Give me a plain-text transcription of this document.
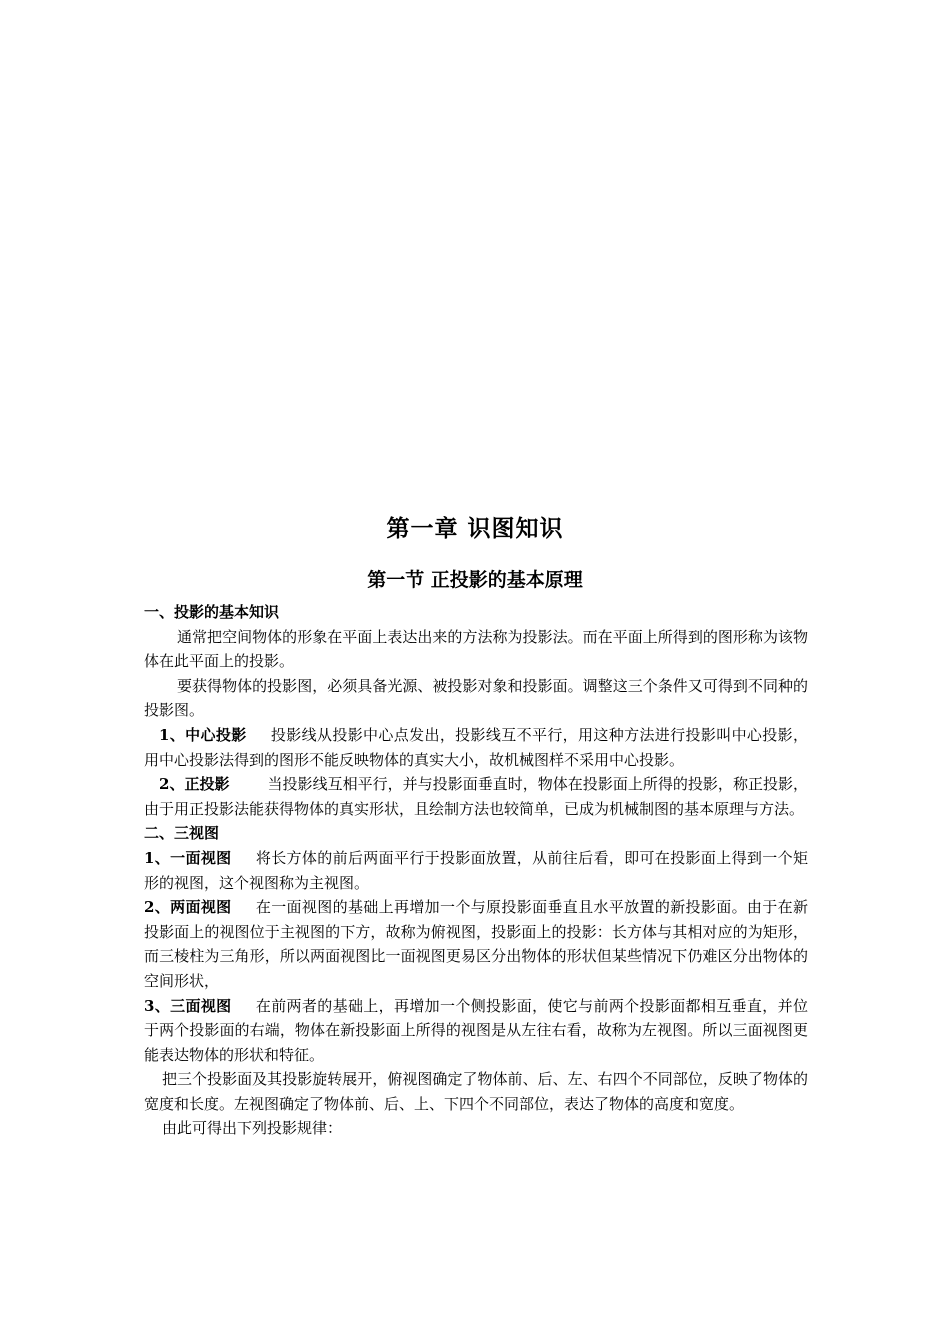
第一章 识图知识
第一节 正投影的基本原理

一、投影的基本知识

通常把空间物体的形象在平面上表达出来的方法称为投影法。而在平面上所得到的图形称为该物体在此平面上的投影。

要获得物体的投影图，必须具备光源、被投影对象和投影面。调整这三个条件又可得到不同种的投影图。

1、中心投影 投影线从投影中心点发出，投影线互不平行，用这种方法进行投影叫中心投影，用中心投影法得到的图形不能反映物体的真实大小，故机械图样不采用中心投影。

2、正投影	当投影线互相平行，并与投影面垂直时，物体在投影面上所得的投影，称正投影，由于用正投影法能获得物体的真实形状，且绘制方法也较简单，已成为机械制图的基本原理与方法。

二、三视图

1、一面视图 将长方体的前后两面平行于投影面放置，从前往后看，即可在投影面上得到一个矩形的视图，这个视图称为主视图。

2、两面视图 在一面视图的基础上再增加一个与原投影面垂直且水平放置的新投影面。由于在新投影面上的视图位于主视图的下方，故称为俯视图，投影面上的投影：长方体与其相对应的为矩形，而三棱柱为三角形，所以两面视图比一面视图更易区分出物体的形状但某些情况下仍难区分出物体的空间形状，

3、三面视图 在前两者的基础上，再增加一个侧投影面，使它与前两个投影面都相互垂直，并位于两个投影面的右端，物体在新投影面上所得的视图是从左往右看，故称为左视图。所以三面视图更能表达物体的形状和特征。

把三个投影面及其投影旋转展开，俯视图确定了物体前、后、左、右四个不同部位，反映了物体的宽度和长度。左视图确定了物体前、后、上、下四个不同部位，表达了物体的高度和宽度。

由此可得出下列投影规律：
